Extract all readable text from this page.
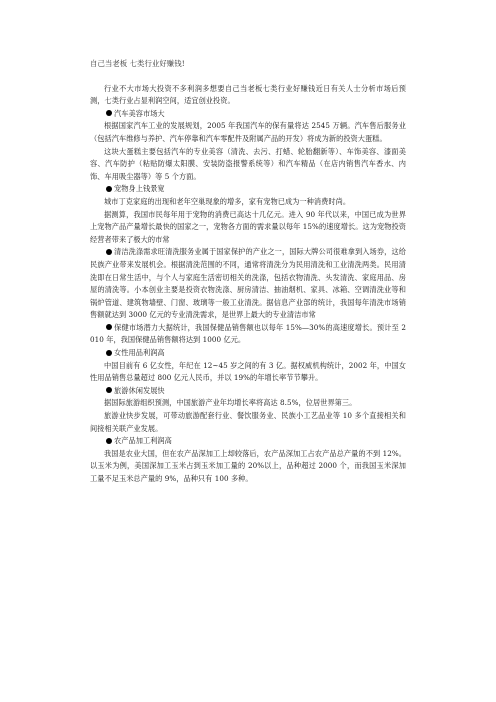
自己当老板 七类行业好赚钱!

行业不大市场大投资不多利润多想要自己当老板七类行业好赚钱近日有关人士分析市场后预测，七类行业占显利润空间，适宜创业投资。

汽车美容市场大

根据国家汽车工业的发展规划，2005 年我国汽车的保有量将达 2545 万辆。汽车售后服务业（包括汽车维修与养护、汽车停靠和汽车零配件及附属产品的开发）将成为新的投资大蛋糕。

这块大蛋糕主要包括汽车的专业美容（清洗、去污、打蜡、轮胎翻新等）、车饰美容、漆面美容、汽车防护（粘贴防爆太阳膜、安装防盗报警系统等）和汽车精品（在店内销售汽车香水、内饰、车用吸尘器等）等 5 个方面。

宠物身上钱景宽

城市丁克家庭的出现和老年空巢现象的增多，家有宠物已成为一种消费时尚。

据测算，我国市民每年用于宠物的消费已高达十几亿元。进入 90 年代以来，中国已成为世界上宠物产品产量增长最快的国家之一，宠物各方面的需求量以每年 15%的速度增长。这为宠物投资经营者带来了极大的市常

清洁洗涤需求旺清洗服务业属于国家保护的产业之一，国际大牌公司很难拿到入场券，这给民族产业带来发展机会。根据清洗范围的不同，通常将清洗分为民用清洗和工业清洗两类。民用清洗即在日常生活中，与个人与家庭生活密切相关的洗涤，包括衣物清洗、头发清洗、家庭用品、房屋的清洗等。小本创业主要是投资衣物洗涤、厨房清洁、抽油烟机、家具、冰箱、空调清洗业等和锅炉管道、建筑物墙壁、门窗、玻璃等一般工业清洗。据信息产业部的统计，我国每年清洗市场销售额就达到 3000 亿元的专业清洗需求，是世界上最大的专业清洁市常

保健市场潜力大据统计，我国保健品销售额也以每年 15%—30%的高速度增长。预计至 2010 年，我国保健品销售额将达到 1000 亿元。

女性用品利润高

中国目前有 6 亿女性，年纪在 12~45 岁之间的有 3 亿。据权威机构统计，2002 年，中国女性用品销售总量超过 800 亿元人民币，并以 19%的年增长率节节攀升。

旅游休闲发展快

据国际旅游组织预测，中国旅游产业年均增长率将高达 8.5%，位居世界第三。

旅游业快步发展，可带动旅游配套行业、餐饮服务业、民族小工艺品业等 10 多个直接相关和间接相关联产业发展。

农产品加工利润高

我国是农业大国，但在农产品深加工上却较落后，农产品深加工占农产品总产量的不到 12%。以玉米为例，美国深加工玉米占到玉米加工量的 20%以上，品种超过 2000 个，而我国玉米深加工量不足玉米总产量的 9%，品种只有 100 多种。
